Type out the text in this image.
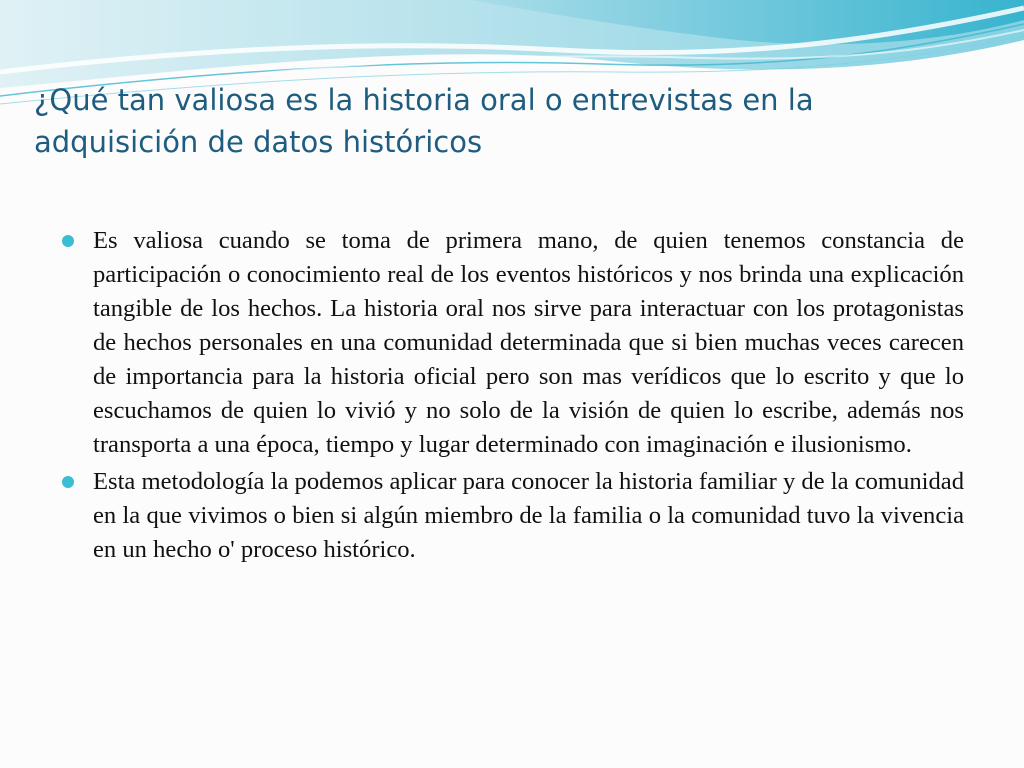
¿Qué tan valiosa es la historia oral o entrevistas en la adquisición de datos históricos
Es valiosa cuando se toma de primera mano, de quien tenemos constancia de participación o conocimiento real de los eventos históricos y nos brinda una explicación tangible de los hechos. La historia oral nos sirve para interactuar con los protagonistas de hechos personales en una comunidad determinada que si bien muchas veces carecen de importancia para la historia oficial pero son mas verídicos que lo escrito y que lo escuchamos de quien lo vivió y no solo de la visión de quien lo escribe, además nos transporta a una época, tiempo y lugar determinado con imaginación e ilusionismo.
Esta metodología la podemos aplicar para conocer la historia familiar y de la comunidad en la que vivimos o bien si algún miembro de la familia o la comunidad tuvo la vivencia en un hecho o' proceso histórico.
